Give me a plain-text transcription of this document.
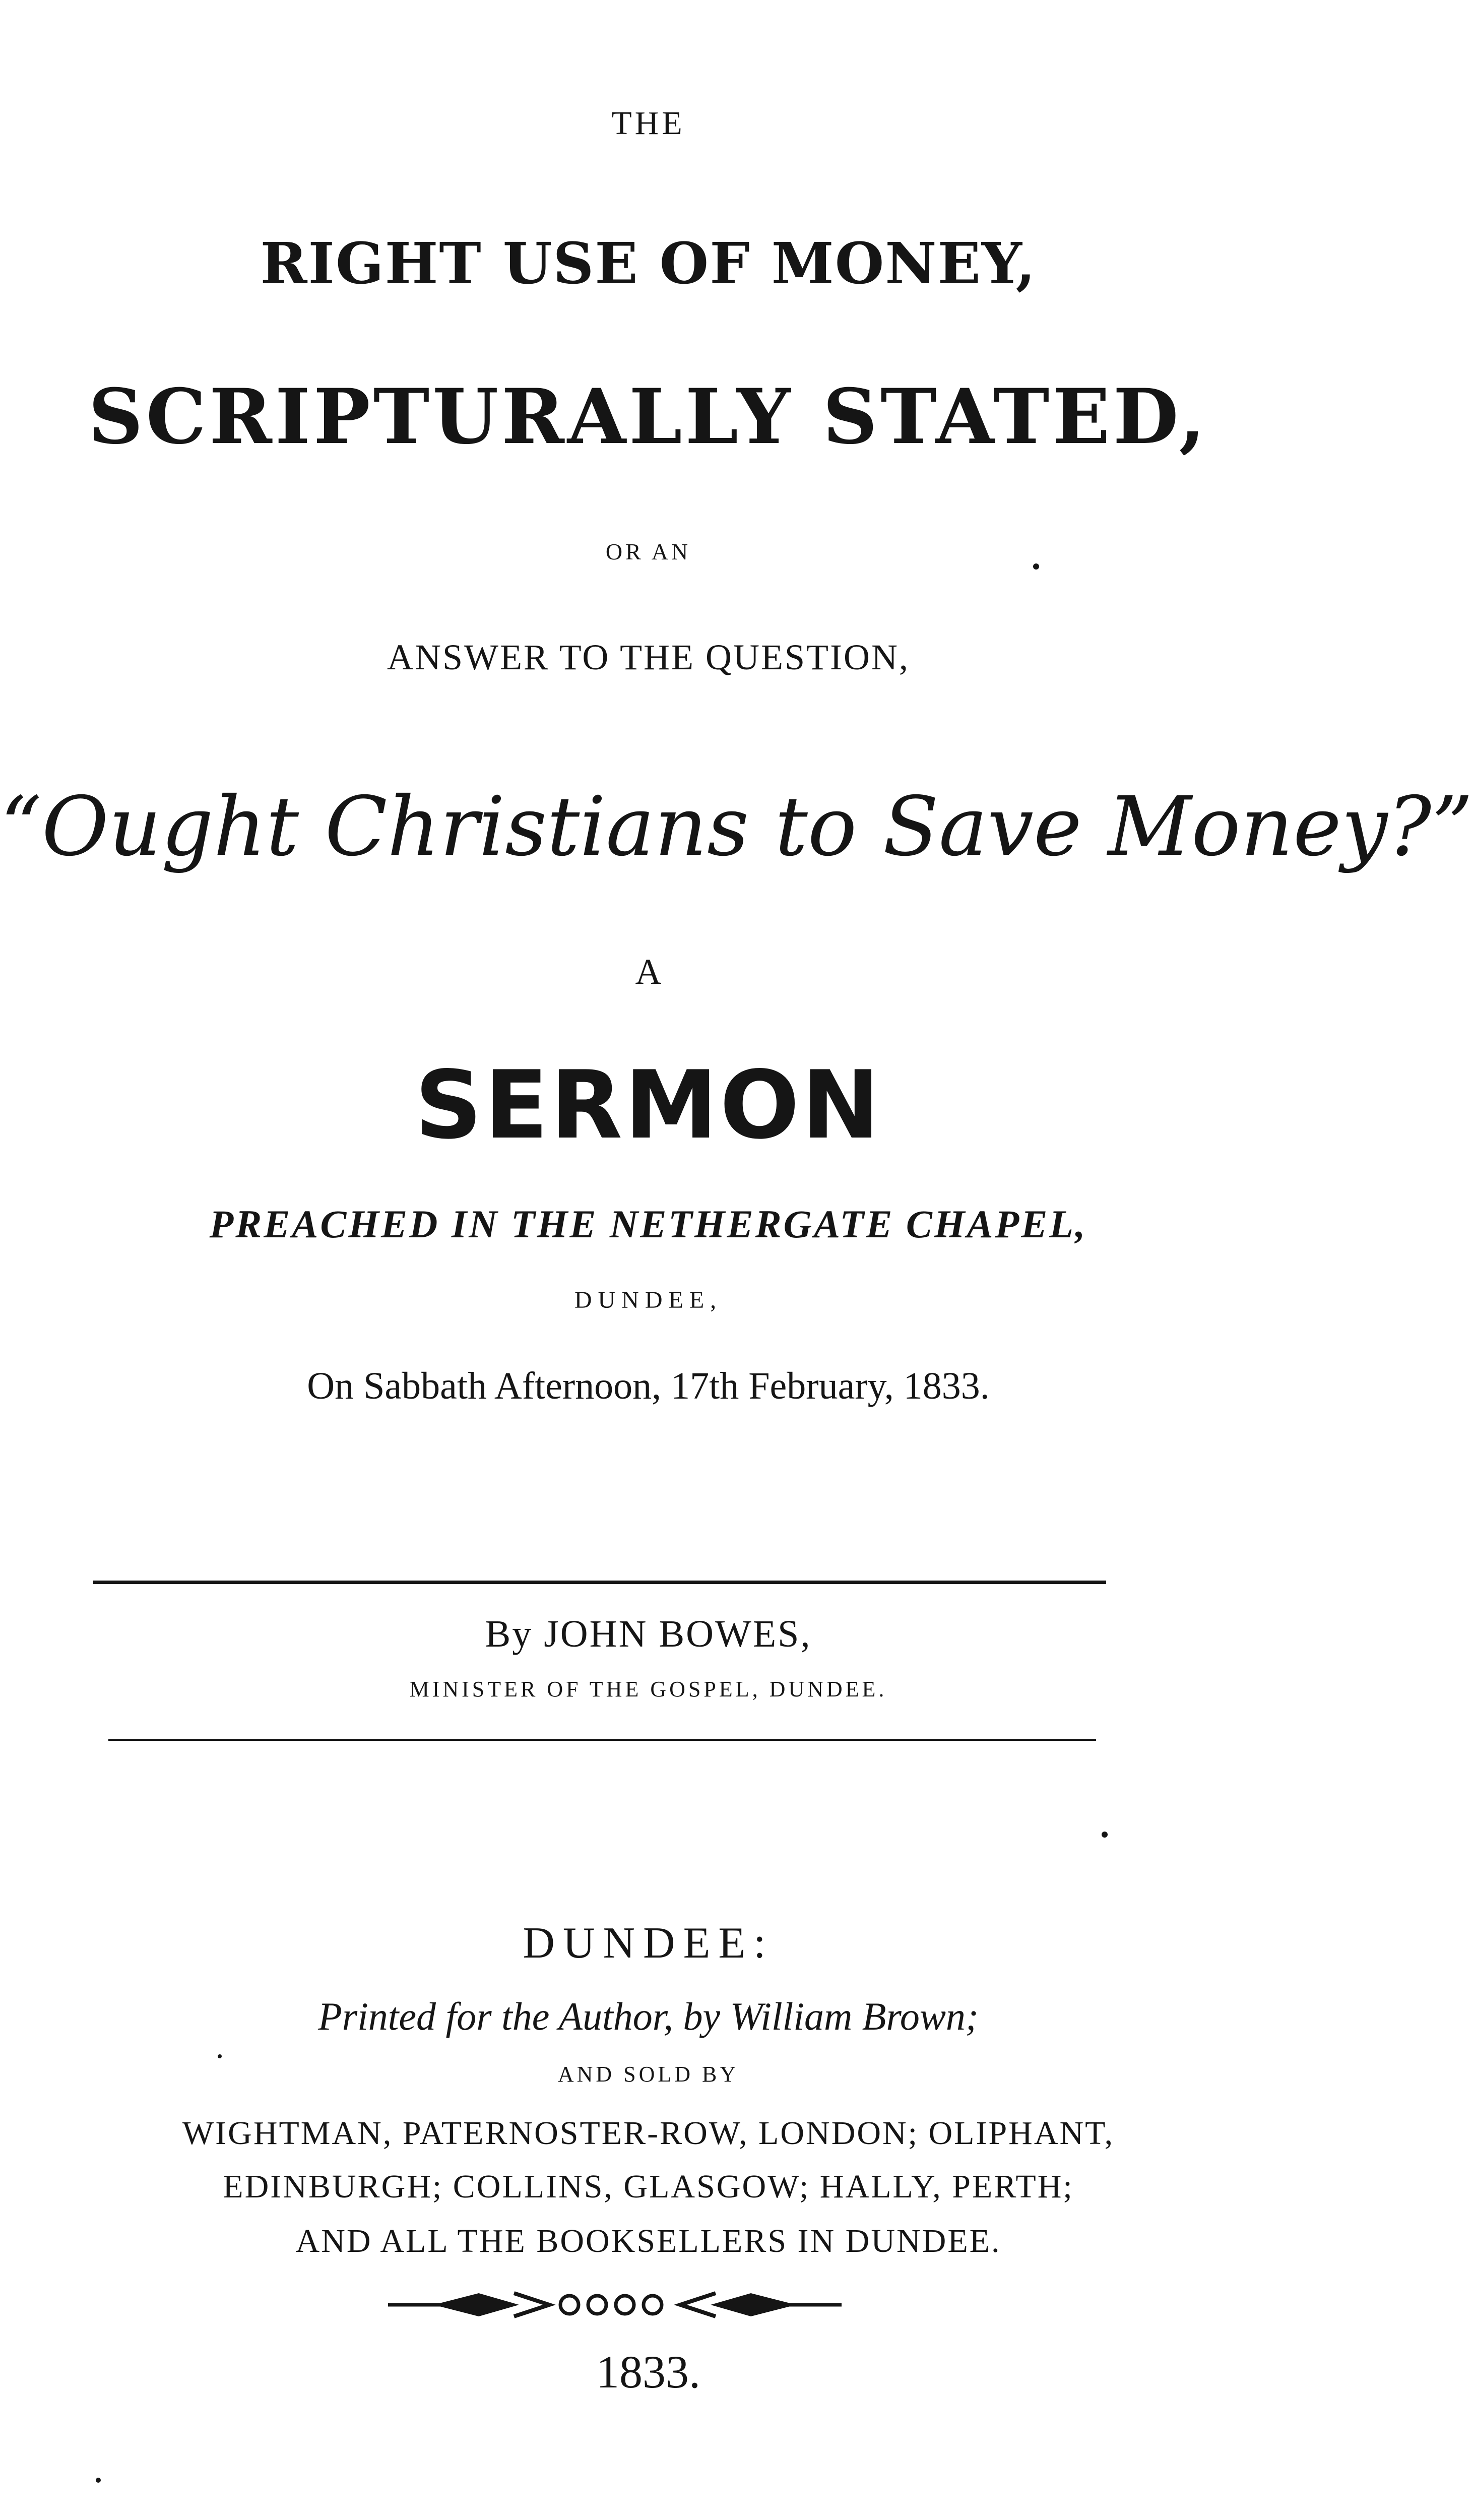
THE
RIGHT USE OF MONEY,
SCRIPTURALLY STATED,
OR AN
ANSWER TO THE QUESTION,
“Ought Christians to Save Money?”
A
SERMON
PREACHED IN THE NETHERGATE CHAPEL,
DUNDEE,
On Sabbath Afternoon, 17th February, 1833.
By JOHN BOWES,
MINISTER OF THE GOSPEL, DUNDEE.
DUNDEE:
Printed for the Author, by William Brown;
AND SOLD BY
WIGHTMAN, PATERNOSTER-ROW, LONDON; OLIPHANT,
EDINBURGH; COLLINS, GLASGOW; HALLY, PERTH;
AND ALL THE BOOKSELLERS IN DUNDEE.
1833.
